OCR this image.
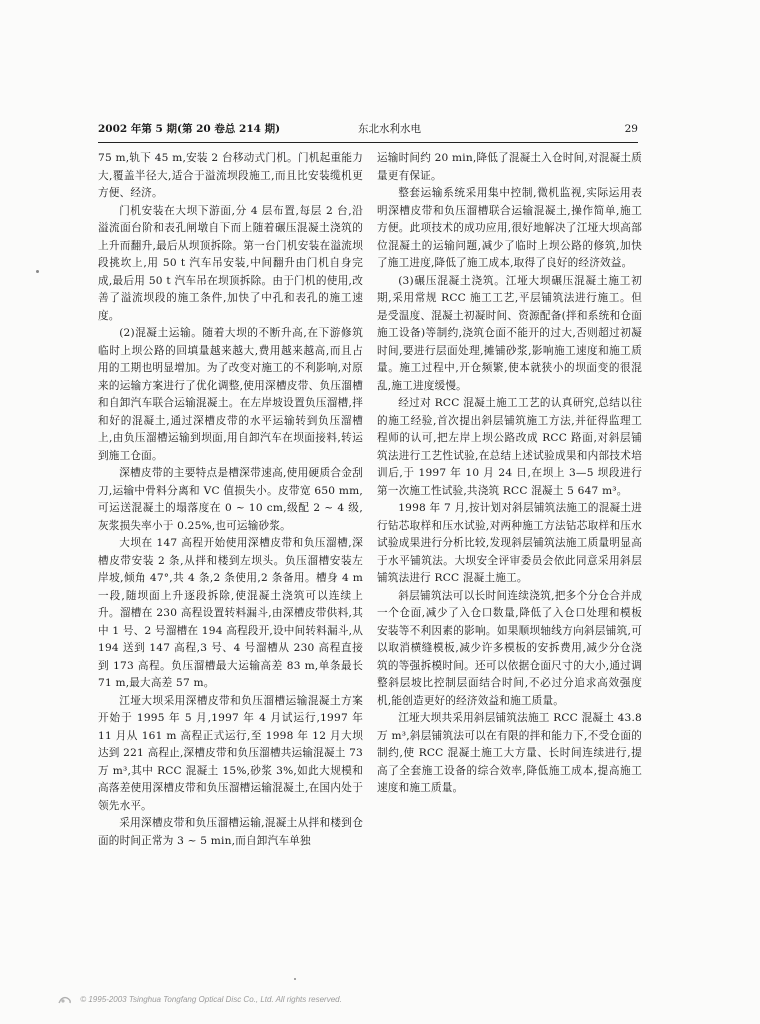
2002 年第 5 期(第 20 卷总 214 期)	东北水利水电	29

75 m,轨下 45 m,安装 2 台移动式门机。门机起重能力大,覆盖半径大,适合于溢流坝段施工,而且比安装缆机更方便、经济。

门机安装在大坝下游面,分 4 层布置,每层 2 台,沿溢流面台阶和表孔闸墩自下而上随着碾压混凝土浇筑的上升而翻升,最后从坝顶拆除。第一台门机安装在溢流坝段挑坎上,用 50 t 汽车吊安装,中间翻升由门机自身完成,最后用 50 t 汽车吊在坝顶拆除。由于门机的使用,改善了溢流坝段的施工条件,加快了中孔和表孔的施工速度。

(2)混凝土运输。随着大坝的不断升高,在下游修筑临时上坝公路的回填量越来越大,费用越来越高,而且占用的工期也明显增加。为了改变对施工的不利影响,对原来的运输方案进行了优化调整,使用深槽皮带、负压溜槽和自卸汽车联合运输混凝土。在左岸坡设置负压溜槽,拌和好的混凝土,通过深槽皮带的水平运输转到负压溜槽上,由负压溜槽运输到坝面,用自卸汽车在坝面接料,转运到施工仓面。

深槽皮带的主要特点是槽深带速高,使用硬质合金刮刀,运输中骨料分离和 VC 值损失小。皮带宽 650 mm,可运送混凝土的塌落度在 0 ~ 10 cm,级配 2 ~ 4 级,灰浆损失率小于 0.25%,也可运输砂浆。

大坝在 147 高程开始使用深槽皮带和负压溜槽,深槽皮带安装 2 条,从拌和楼到左坝头。负压溜槽安装左岸坡,倾角 47°,共 4 条,2 条使用,2 条备用。槽身 4 m 一段,随坝面上升逐段拆除,使混凝土浇筑可以连续上升。溜槽在 230 高程设置转料漏斗,由深槽皮带供料,其中 1 号、2 号溜槽在 194 高程段开,设中间转料漏斗,从 194 送到 147 高程,3 号、4 号溜槽从 230 高程直接到 173 高程。负压溜槽最大运输高差 83 m,单条最长 71 m,最大高差 57 m。

江垭大坝采用深槽皮带和负压溜槽运输混凝土方案开始于 1995 年 5 月,1997 年 4 月试运行,1997 年 11 月从 161 m 高程正式运行,至 1998 年 12 月大坝达到 221 高程止,深槽皮带和负压溜槽共运输混凝土 73 万 m³,其中 RCC 混凝土 15%,砂浆 3%,如此大规模和高落差使用深槽皮带和负压溜槽运输混凝土,在国内处于领先水平。

采用深槽皮带和负压溜槽运输,混凝土从拌和楼到仓面的时间正常为 3 ~ 5 min,而自卸汽车单独

运输时间约 20 min,降低了混凝土入仓时间,对混凝土质量更有保证。

整套运输系统采用集中控制,微机监视,实际运用表明深槽皮带和负压溜槽联合运输混凝土,操作简单,施工方便。此项技术的成功应用,很好地解决了江垭大坝高部位混凝土的运输问题,减少了临时上坝公路的修筑,加快了施工进度,降低了施工成本,取得了良好的经济效益。

(3)碾压混凝土浇筑。江垭大坝碾压混凝土施工初期,采用常规 RCC 施工工艺,平层铺筑法进行施工。但是受温度、混凝土初凝时间、资源配备(拌和系统和仓面施工设备)等制约,浇筑仓面不能开的过大,否则超过初凝时间,要进行层面处理,摊铺砂浆,影响施工速度和施工质量。施工过程中,开仓频繁,使本就狭小的坝面变的很混乱,施工进度缓慢。

经过对 RCC 混凝土施工工艺的认真研究,总结以往的施工经验,首次提出斜层铺筑施工方法,并征得监理工程师的认可,把左岸上坝公路改成 RCC 路面,对斜层铺筑法进行工艺性试验,在总结上述试验成果和内部技术培训后,于 1997 年 10 月 24 日,在坝上 3—5 坝段进行第一次施工性试验,共浇筑 RCC 混凝土 5 647 m³。

1998 年 7 月,按计划对斜层铺筑法施工的混凝土进行钻芯取样和压水试验,对两种施工方法钻芯取样和压水试验成果进行分析比较,发现斜层铺筑法施工质量明显高于水平铺筑法。大坝安全评审委员会依此同意采用斜层铺筑法进行 RCC 混凝土施工。

斜层铺筑法可以长时间连续浇筑,把多个分仓合并成一个仓面,减少了入仓口数量,降低了入仓口处理和模板安装等不利因素的影响。如果顺坝轴线方向斜层铺筑,可以取消横缝模板,减少许多模板的安拆费用,减少分仓浇筑的等强拆模时间。还可以依据仓面尺寸的大小,通过调整斜层坡比控制层面结合时间,不必过分追求高效强度机,能创造更好的经济效益和施工质量。

江垭大坝共采用斜层铺筑法施工 RCC 混凝土 43.8 万 m³,斜层铺筑法可以在有限的拌和能力下,不受仓面的制约,使 RCC 混凝土施工大方量、长时间连续进行,提高了全套施工设备的综合效率,降低施工成本,提高施工速度和施工质量。

© 1995-2003 Tsinghua Tongfang Optical Disc Co., Ltd. All rights reserved.
